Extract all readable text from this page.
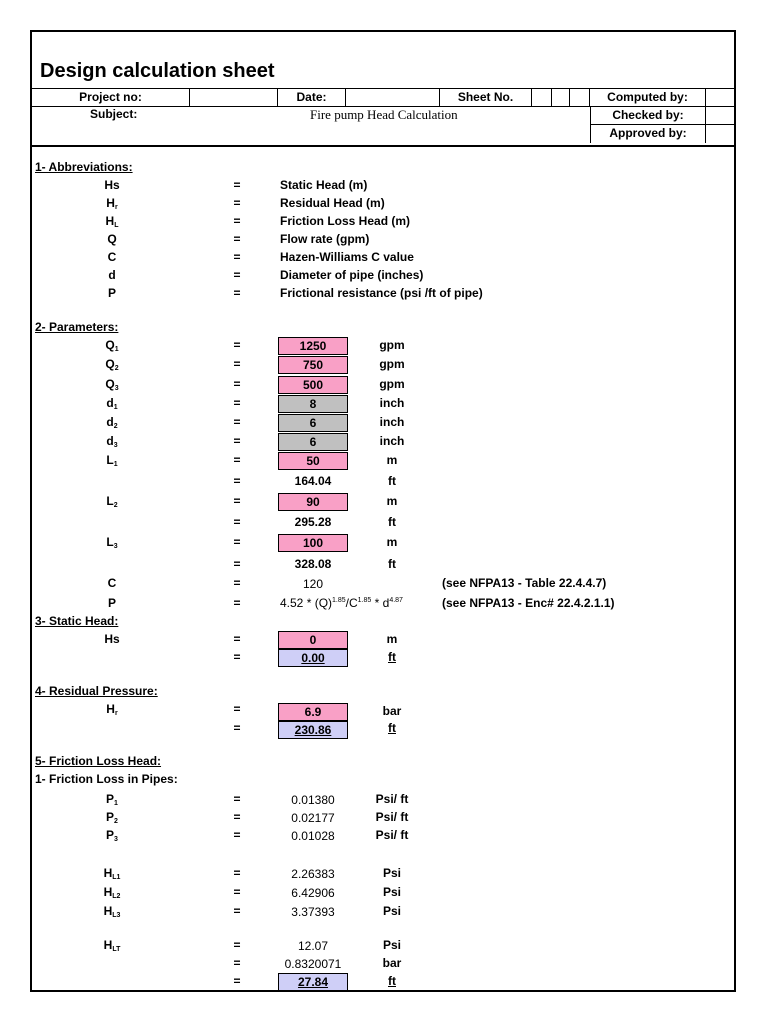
Design calculation sheet
Project no:	Date:	Sheet No.	Computed by:
Subject:	Fire pump Head Calculation	Checked by:
Approved by:
1- Abbreviations:
Hs	=	Static Head (m)
$H_r$	=	Residual Head (m)
$H_L$	=	Friction Loss Head (m)
Q	=	Flow rate (gpm)
C	=	Hazen-Williams C value
d	=	Diameter of pipe (inches)
P	=	Frictional resistance (psi /ft of pipe)
2- Parameters:
$Q_1$	=	1250	gpm
$Q_2$	=	750	gpm
$Q_3$	=	500	gpm
$d_1$	=	8	inch
$d_2$	=	6	inch
$d_3$	=	6	inch
$L_1$	=	50	m
=	164.04	ft
$L_2$	=	90	m
=	295.28	ft
$L_3$	=	100	m
=	328.08	ft
C	=	120	(see NFPA13 - Table 22.4.4.7)
P	=	$4.52 * (Q)^{1.85}/C^{1.85} * d^{4.87}$	(see NFPA13 - Enc# 22.4.2.1.1)
3- Static Head:
Hs	=	0	m
=	0.00	ft
4- Residual Pressure:
$H_r$	=	6.9	bar
=	230.86	ft
5- Friction Loss Head:
1- Friction Loss in Pipes:
$P_1$	=	0.01380	Psi/ ft
$P_2$	=	0.02177	Psi/ ft
$P_3$	=	0.01028	Psi/ ft
$H_{L1}$	=	2.26383	Psi
$H_{L2}$	=	6.42906	Psi
$H_{L3}$	=	3.37393	Psi
$H_{LT}$	=	12.07	Psi
=	0.8320071	bar
=	27.84	ft
